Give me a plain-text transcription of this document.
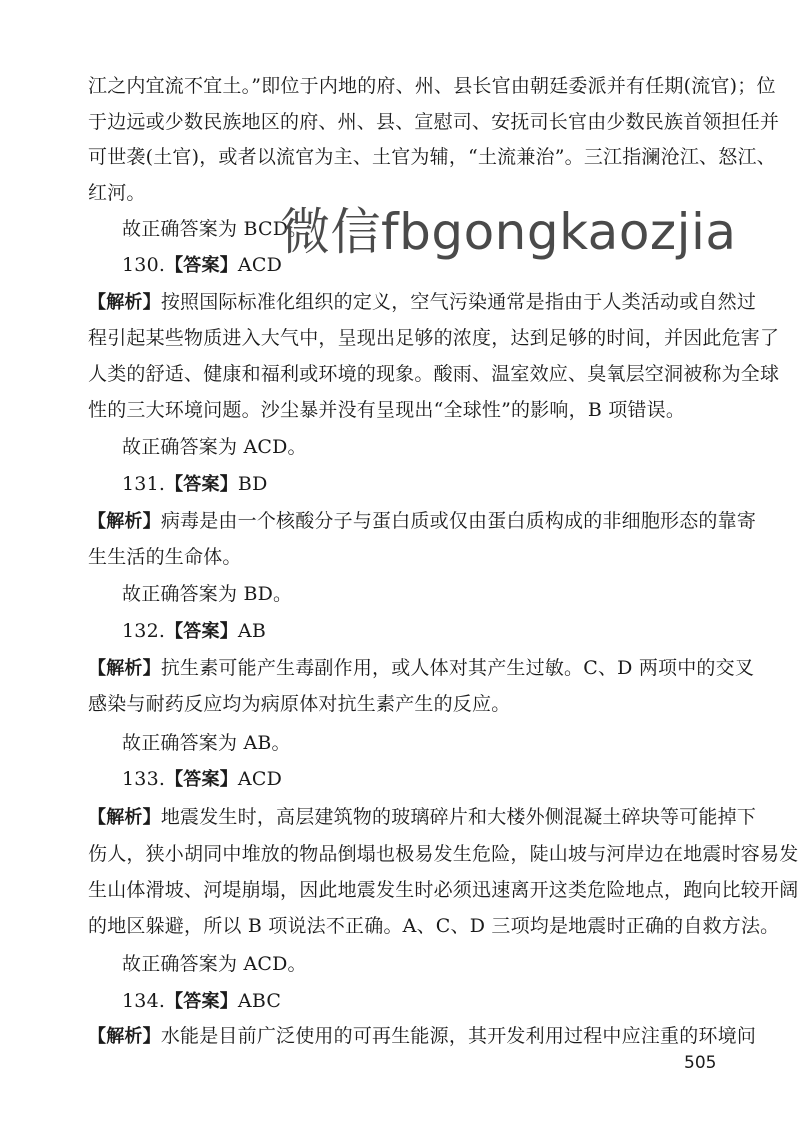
江之内宜流不宜土。”即位于内地的府、州、县长官由朝廷委派并有任期(流官)；位
于边远或少数民族地区的府、州、县、宣慰司、安抚司长官由少数民族首领担任并
可世袭(土官)，或者以流官为主、土官为辅，“土流兼治”。三江指澜沧江、怒江、
红河。
故正确答案为 BCD。
微信fbgongkaozjia
130.【答案】ACD
【解析】按照国际标准化组织的定义，空气污染通常是指由于人类活动或自然过
程引起某些物质进入大气中，呈现出足够的浓度，达到足够的时间，并因此危害了
人类的舒适、健康和福利或环境的现象。酸雨、温室效应、臭氧层空洞被称为全球
性的三大环境问题。沙尘暴并没有呈现出“全球性”的影响，B 项错误。
故正确答案为 ACD。
131.【答案】BD
【解析】病毒是由一个核酸分子与蛋白质或仅由蛋白质构成的非细胞形态的靠寄
生生活的生命体。
故正确答案为 BD。
132.【答案】AB
【解析】抗生素可能产生毒副作用，或人体对其产生过敏。C、D 两项中的交叉
感染与耐药反应均为病原体对抗生素产生的反应。
故正确答案为 AB。
133.【答案】ACD
【解析】地震发生时，高层建筑物的玻璃碎片和大楼外侧混凝土碎块等可能掉下
伤人，狭小胡同中堆放的物品倒塌也极易发生危险，陡山坡与河岸边在地震时容易发
生山体滑坡、河堤崩塌，因此地震发生时必须迅速离开这类危险地点，跑向比较开阔
的地区躲避，所以 B 项说法不正确。A、C、D 三项均是地震时正确的自救方法。
故正确答案为 ACD。
134.【答案】ABC
【解析】水能是目前广泛使用的可再生能源，其开发利用过程中应注重的环境问
505
